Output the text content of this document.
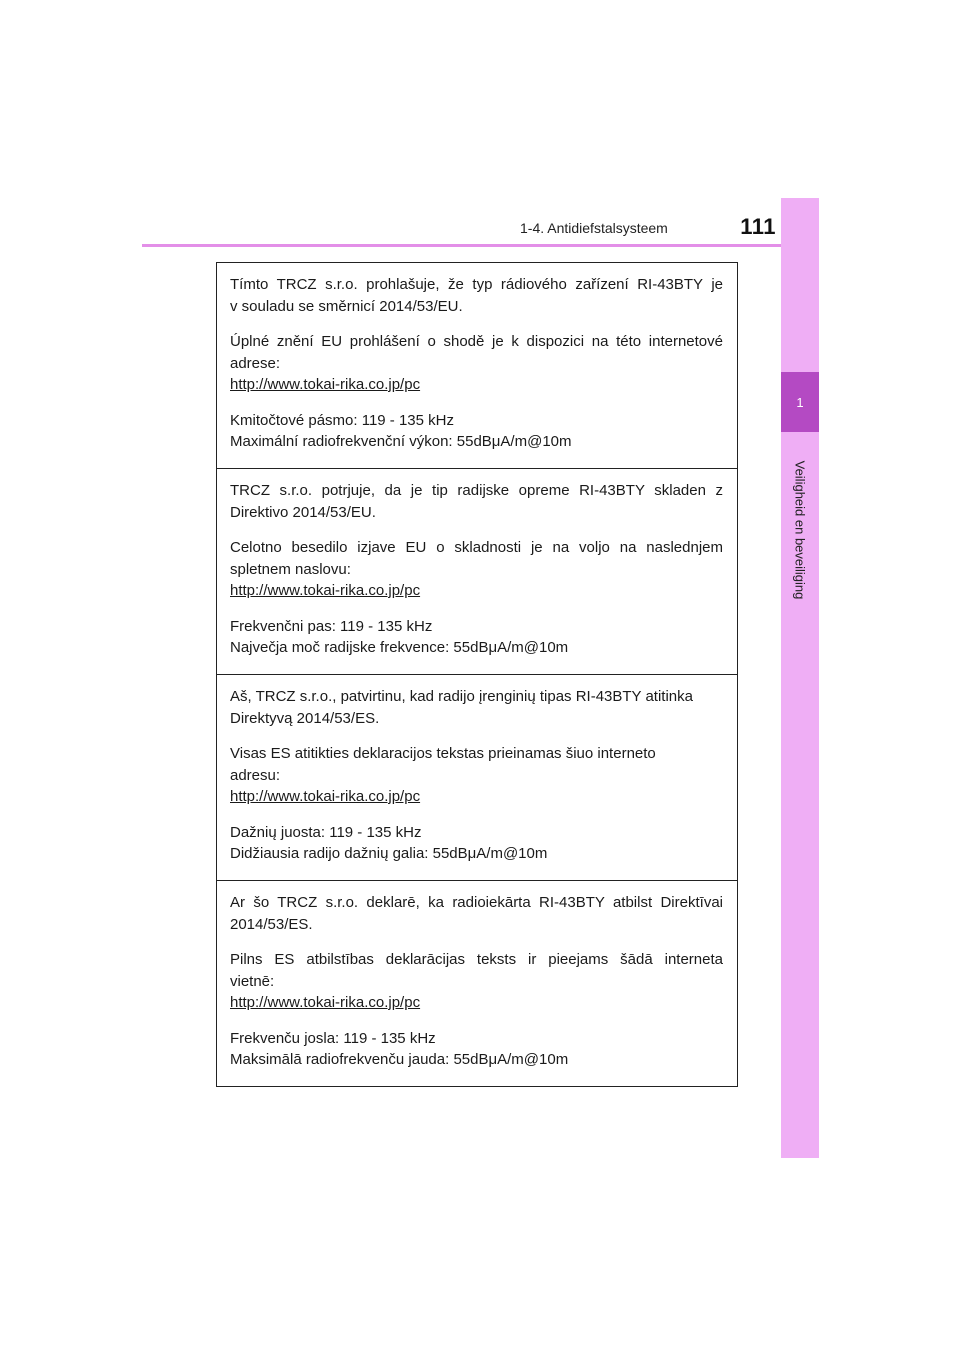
1-4. Antidiefstalsysteem	111
1
Veiligheid en beveiliging

Tímto TRCZ s.r.o. prohlašuje, že typ rádiového zařízení RI-43BTY je

v souladu se směrnicí 2014/53/EU.

Úplné znění EU prohlášení o shodě je k dispozici na této internetové

adrese:

http://www.tokai-rika.co.jp/pc

Kmitočtové pásmo: 119 - 135 kHz

Maximální radiofrekvenční výkon: 55dBμA/m@10m

TRCZ s.r.o. potrjuje, da je tip radijske opreme RI-43BTY skladen z

Direktivo 2014/53/EU.

Celotno besedilo izjave EU o skladnosti je na voljo na naslednjem

spletnem naslovu:

http://www.tokai-rika.co.jp/pc

Frekvenčni pas: 119 - 135 kHz

Največja moč radijske frekvence: 55dBμA/m@10m

Aš, TRCZ s.r.o., patvirtinu, kad radijo įrenginių tipas RI-43BTY atitinka

Direktyvą 2014/53/ES.

Visas ES atitikties deklaracijos tekstas prieinamas šiuo interneto

adresu:

http://www.tokai-rika.co.jp/pc

Dažnių juosta: 119 - 135 kHz

Didžiausia radijo dažnių galia: 55dBμA/m@10m

Ar šo TRCZ s.r.o. deklarē, ka radioiekārta RI-43BTY atbilst Direktīvai

2014/53/ES.

Pilns ES atbilstības deklarācijas teksts ir pieejams šādā interneta

vietnē:

http://www.tokai-rika.co.jp/pc

Frekvenču josla: 119 - 135 kHz

Maksimālā radiofrekvenču jauda: 55dBμA/m@10m
